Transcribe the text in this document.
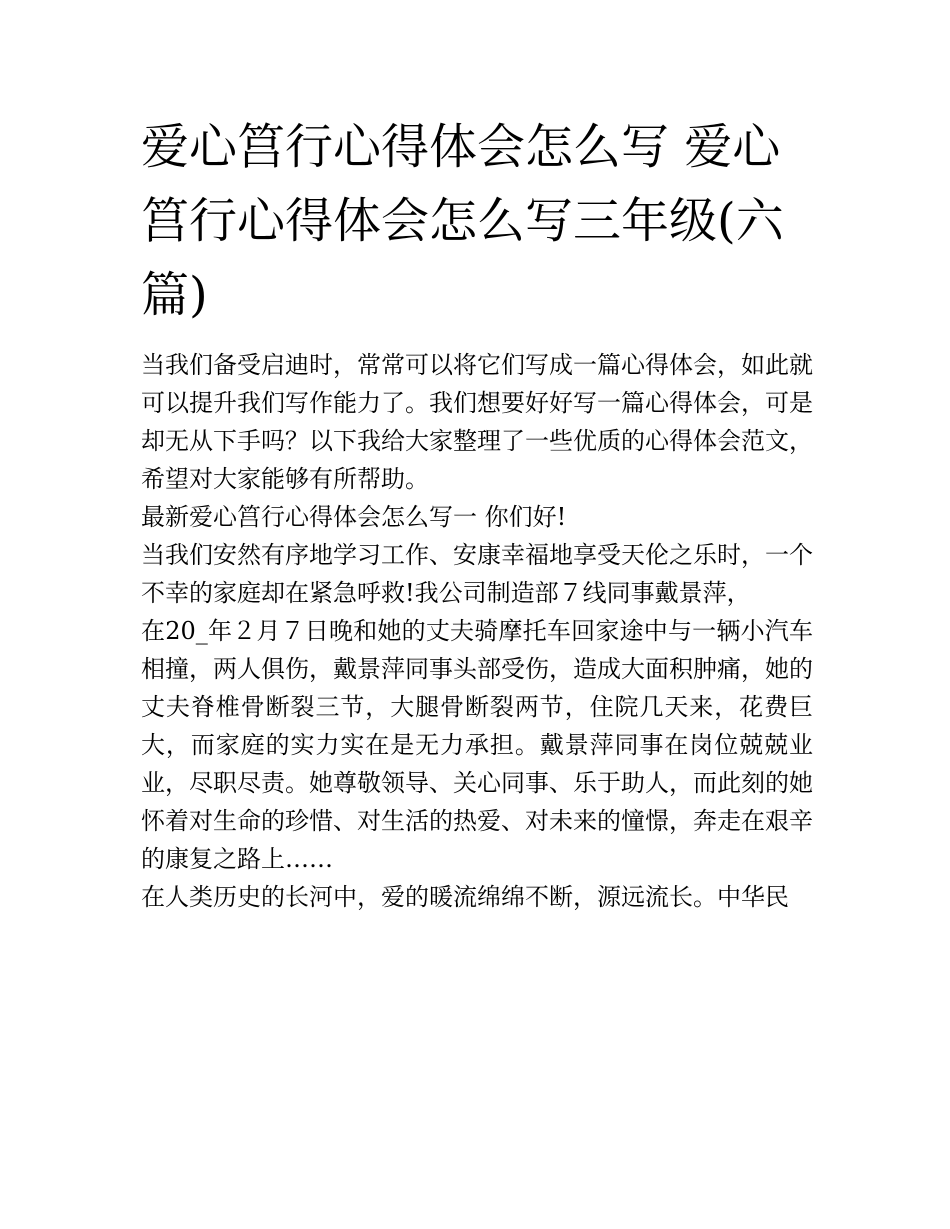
爱心筥行心得体会怎么写 爱心筥行心得体会怎么写三年级(六篇)

当我们备受启迪时，常常可以将它们写成一篇心得体会，如此就可以提升我们写作能力了。我们想要好好写一篇心得体会，可是却无从下手吗？以下我给大家整理了一些优质的心得体会范文，希望对大家能够有所帮助。

最新爱心筥行心得体会怎么写一 你们好!

当我们安然有序地学习工作、安康幸福地享受天伦之乐时，一个不幸的家庭却在紧急呼救!我公司制造部７线同事戴景萍，

在20_年２月７日晚和她的丈夫骑摩托车回家途中与一辆小汽车相撞，两人俱伤，戴景萍同事头部受伤，造成大面积肿痛，她的丈夫脊椎骨断裂三节，大腿骨断裂两节，住院几天来，花费巨大，而家庭的实力实在是无力承担。戴景萍同事在岗位兢兢业业，尽职尽责。她尊敬领导、关心同事、乐于助人，而此刻的她怀着对生命的珍惜、对生活的热爱、对未来的憧憬，奔走在艰辛的康复之路上……

在人类历史的长河中，爱的暖流绵绵不断，源远流长。中华民
